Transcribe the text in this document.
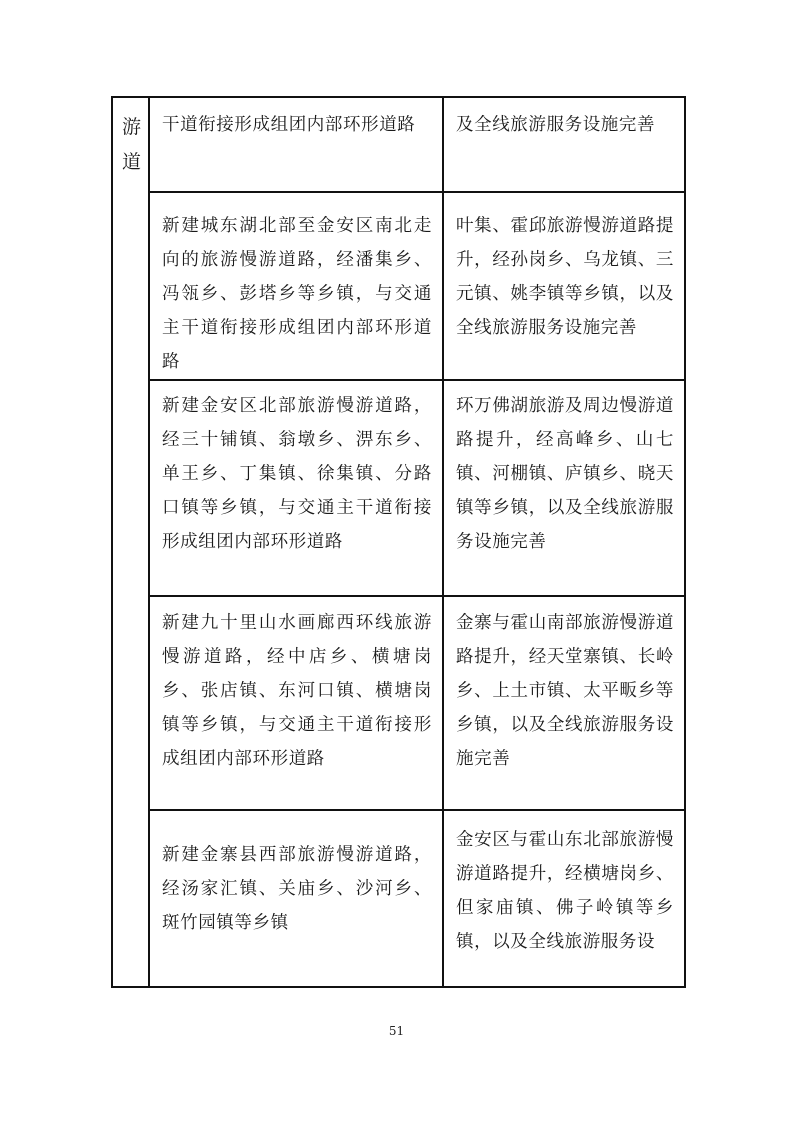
游道	干道衔接形成组团内部环形道路	及全线旅游服务设施完善

	新建城东湖北部至金安区南北走向的旅游慢游道路，经潘集乡、冯瓴乡、彭塔乡等乡镇，与交通主干道衔接形成组团内部环形道路	叶集、霍邱旅游慢游道路提升，经孙岗乡、乌龙镇、三元镇、姚李镇等乡镇，以及全线旅游服务设施完善

	新建金安区北部旅游慢游道路，经三十铺镇、翁墩乡、淠东乡、单王乡、丁集镇、徐集镇、分路口镇等乡镇，与交通主干道衔接形成组团内部环形道路	环万佛湖旅游及周边慢游道路提升，经高峰乡、山七镇、河棚镇、庐镇乡、晓天镇等乡镇，以及全线旅游服务设施完善

	新建九十里山水画廊西环线旅游慢游道路，经中店乡、横塘岗乡、张店镇、东河口镇、横塘岗镇等乡镇，与交通主干道衔接形成组团内部环形道路	金寨与霍山南部旅游慢游道路提升，经天堂寨镇、长岭乡、上土市镇、太平畈乡等乡镇，以及全线旅游服务设施完善

	新建金寨县西部旅游慢游道路，经汤家汇镇、关庙乡、沙河乡、斑竹园镇等乡镇	金安区与霍山东北部旅游慢游道路提升，经横塘岗乡、但家庙镇、佛子岭镇等乡镇，以及全线旅游服务设
51
